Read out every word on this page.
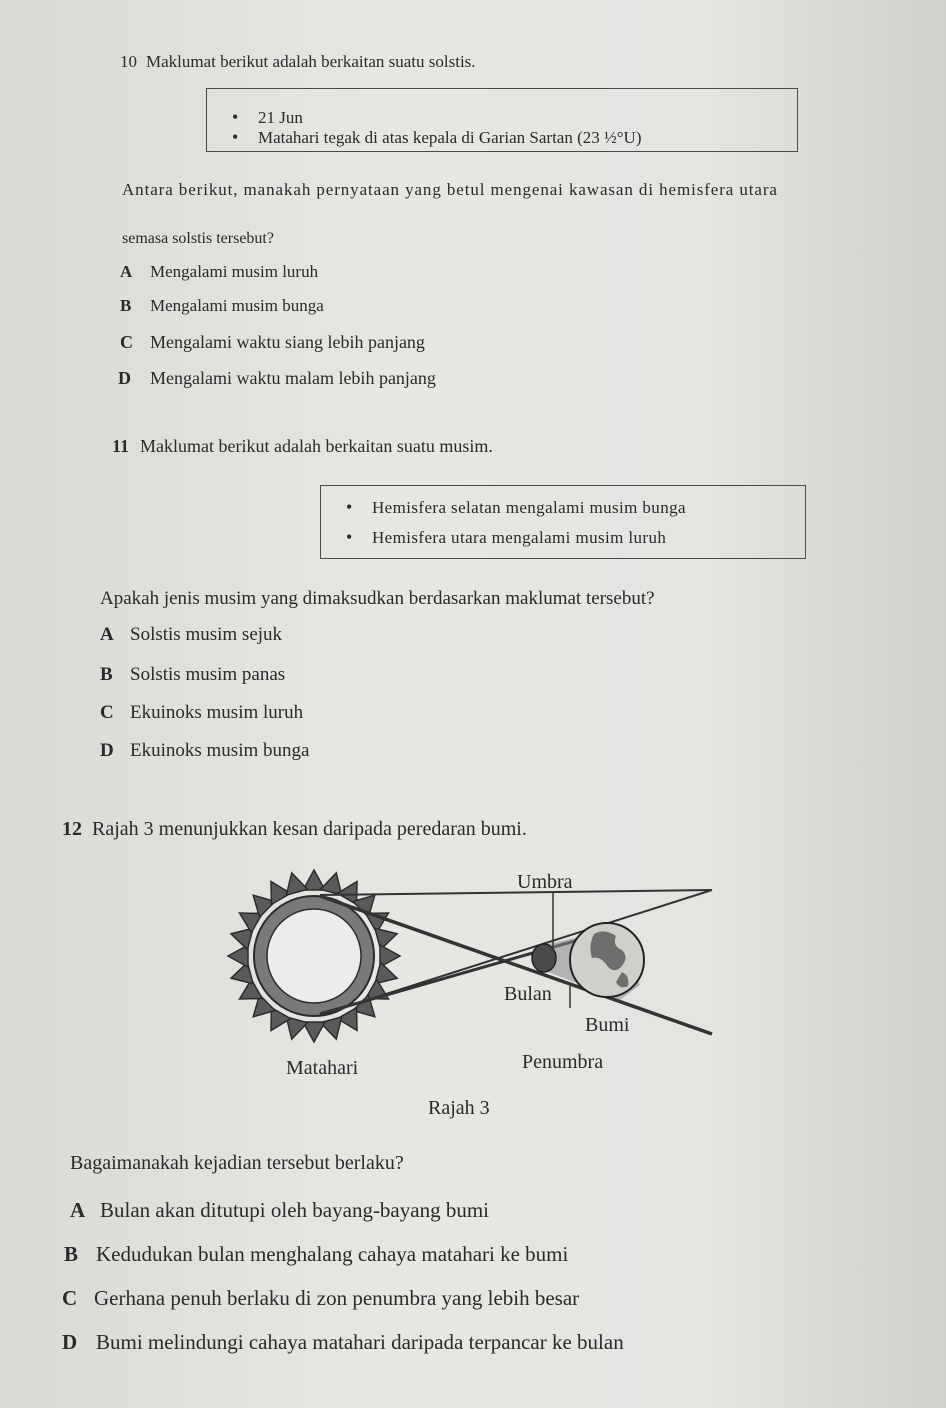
10 Maklumat berikut adalah berkaitan suatu solstis.
• 21 Jun
• Matahari tegak di atas kepala di Garian Sartan (23 ½°U)
Antara berikut, manakah pernyataan yang betul mengenai kawasan di hemisfera utara
semasa solstis tersebut?
A Mengalami musim luruh
B Mengalami musim bunga
C Mengalami waktu siang lebih panjang
D Mengalami waktu malam lebih panjang
11 Maklumat berikut adalah berkaitan suatu musim.
• Hemisfera selatan mengalami musim bunga
• Hemisfera utara mengalami musim luruh
Apakah jenis musim yang dimaksudkan berdasarkan maklumat tersebut?
A Solstis musim sejuk
B Solstis musim panas
C Ekuinoks musim luruh
D Ekuinoks musim bunga
12 Rajah 3 menunjukkan kesan daripada peredaran bumi.
Umbra
Bulan
Bumi
Matahari	Penumbra
Rajah 3
Bagaimanakah kejadian tersebut berlaku?
A Bulan akan ditutupi oleh bayang-bayang bumi
B Kedudukan bulan menghalang cahaya matahari ke bumi
C Gerhana penuh berlaku di zon penumbra yang lebih besar
D Bumi melindungi cahaya matahari daripada terpancar ke bulan
